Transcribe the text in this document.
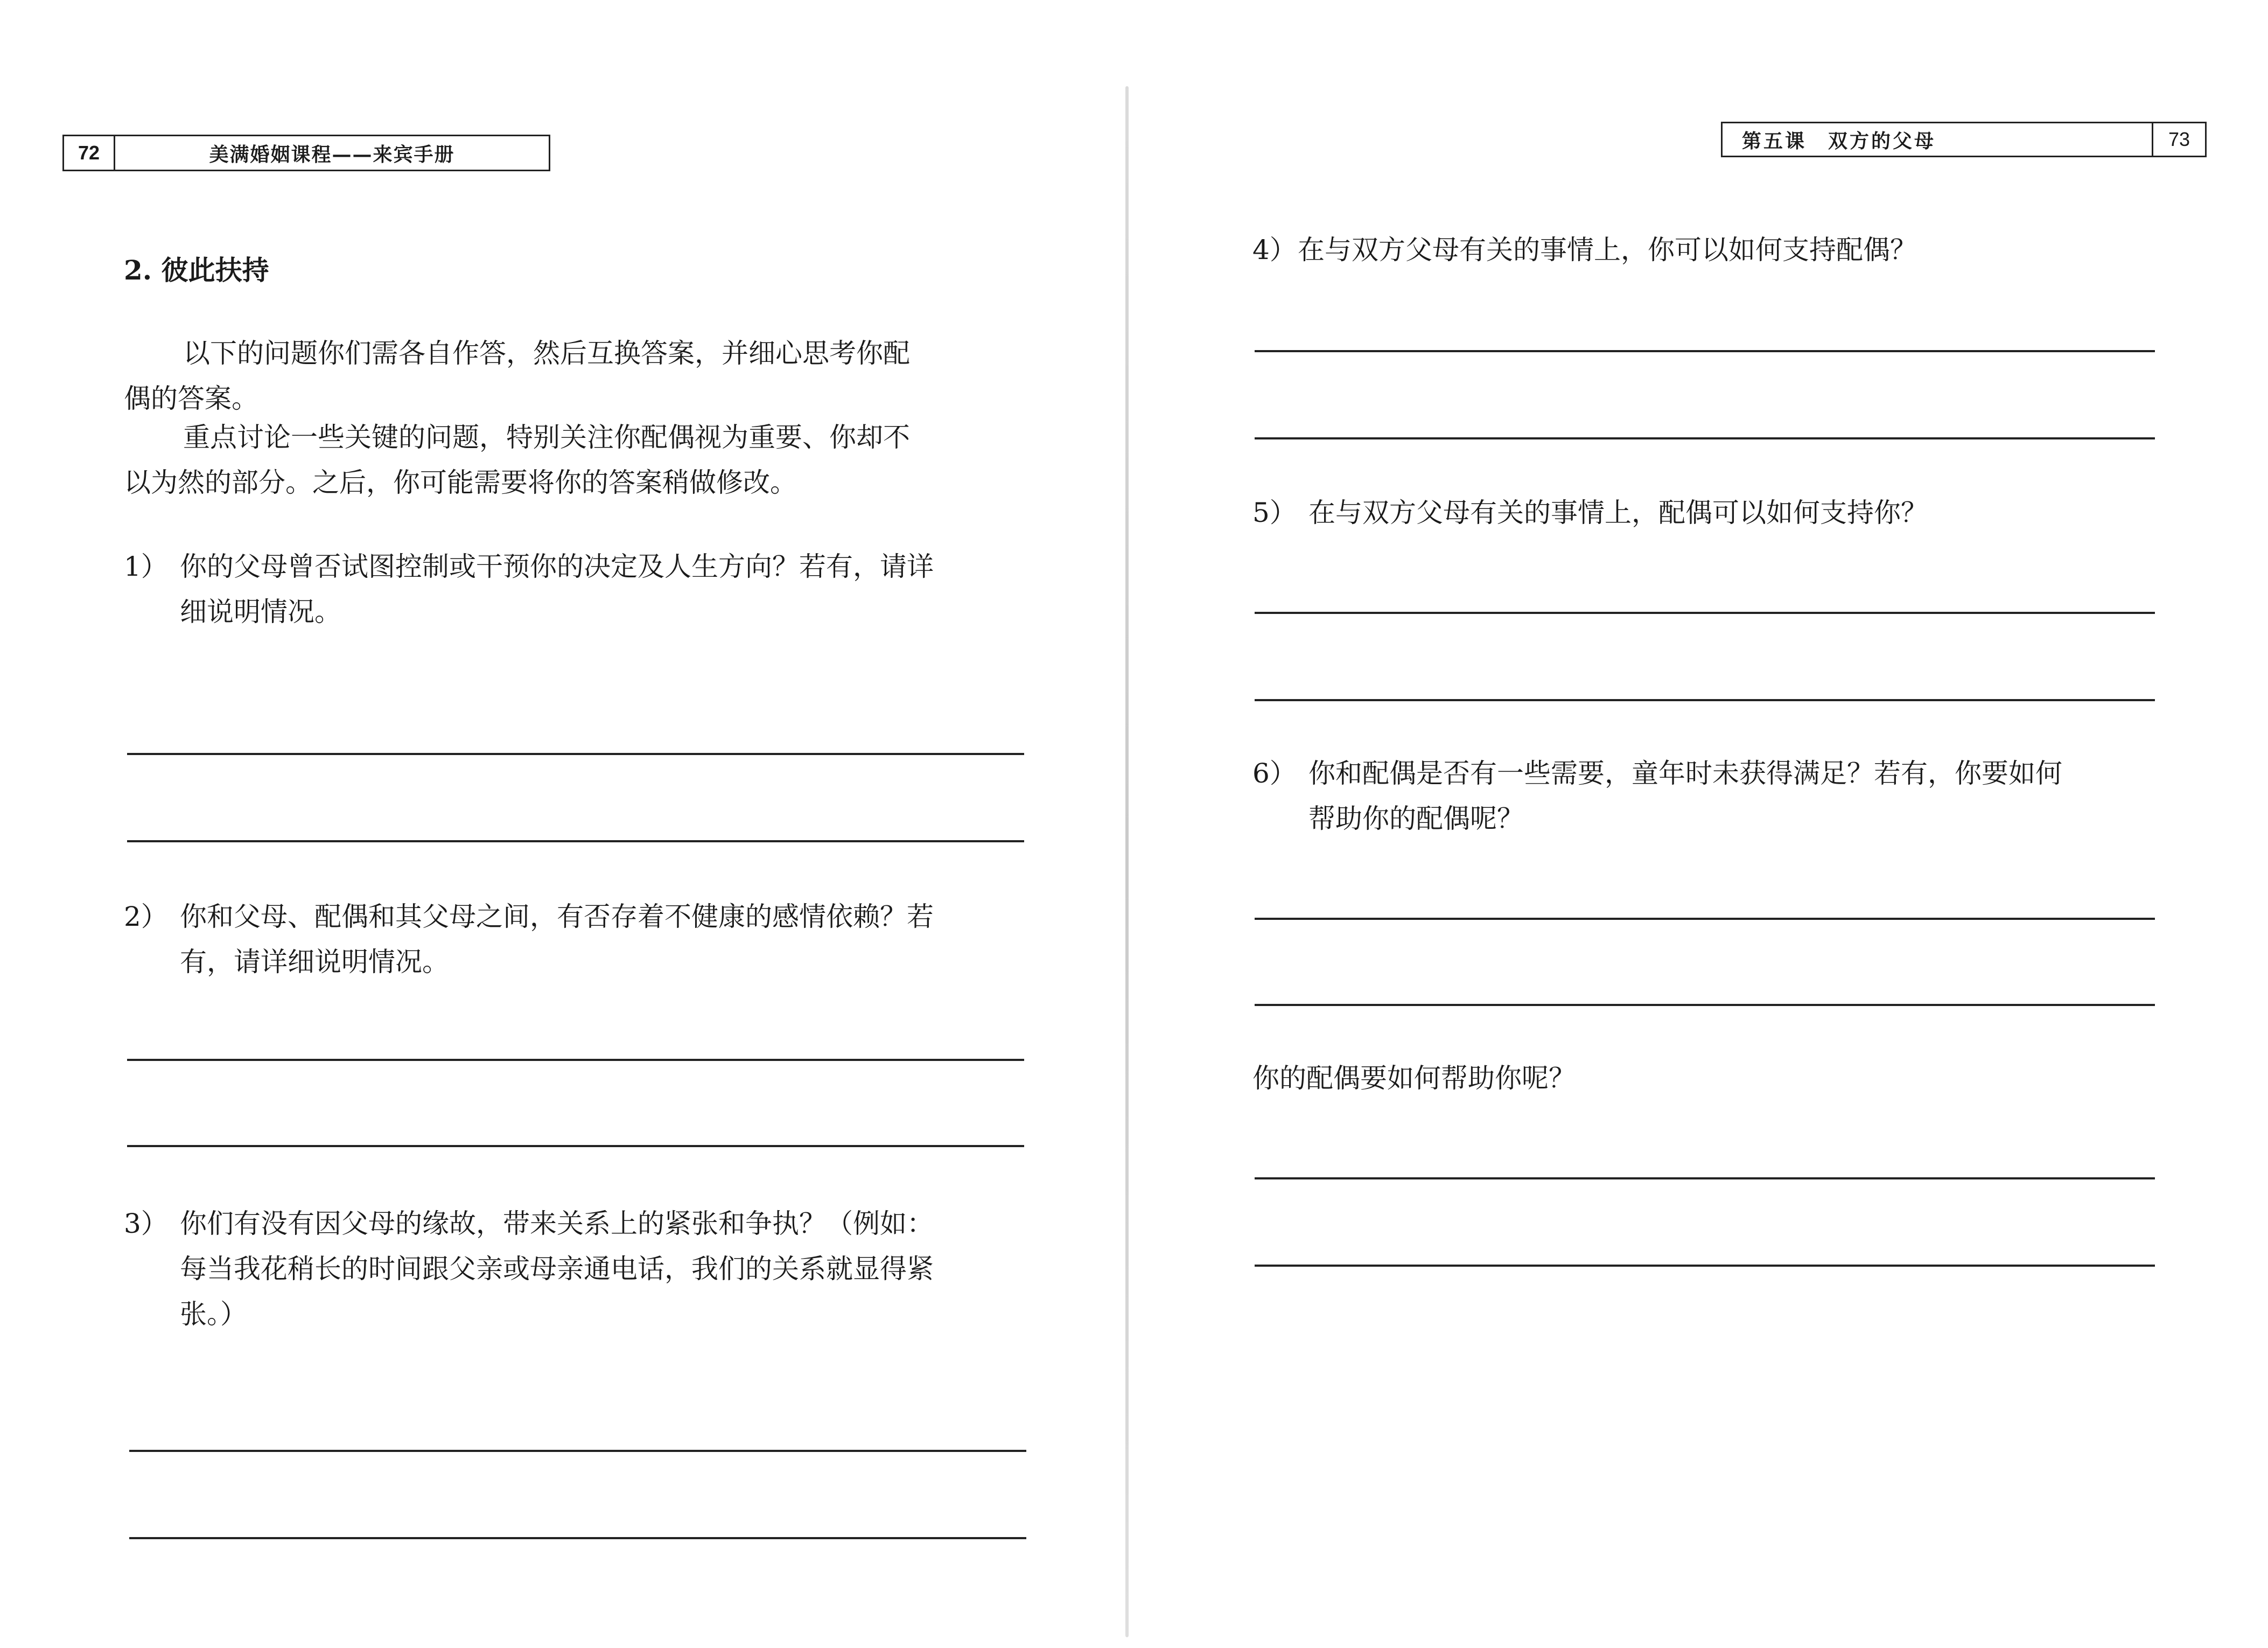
72	美满婚姻课程——来宾手册
2. 彼此扶持
以下的问题你们需各自作答，然后互换答案，并细心思考你配
偶的答案。
重点讨论一些关键的问题，特别关注你配偶视为重要、你却不
以为然的部分。之后，你可能需要将你的答案稍做修改。
1） 你的父母曾否试图控制或干预你的决定及人生方向？若有，请详
细说明情况。
2） 你和父母、配偶和其父母之间，有否存着不健康的感情依赖？若
有，请详细说明情况。
3） 你们有没有因父母的缘故，带来关系上的紧张和争执？（例如：
每当我花稍长的时间跟父亲或母亲通电话，我们的关系就显得紧
张。）
第五课　双方的父母	73
4） 在与双方父母有关的事情上，你可以如何支持配偶？
5） 在与双方父母有关的事情上，配偶可以如何支持你？
6） 你和配偶是否有一些需要，童年时未获得满足？若有，你要如何
帮助你的配偶呢？
你的配偶要如何帮助你呢？
